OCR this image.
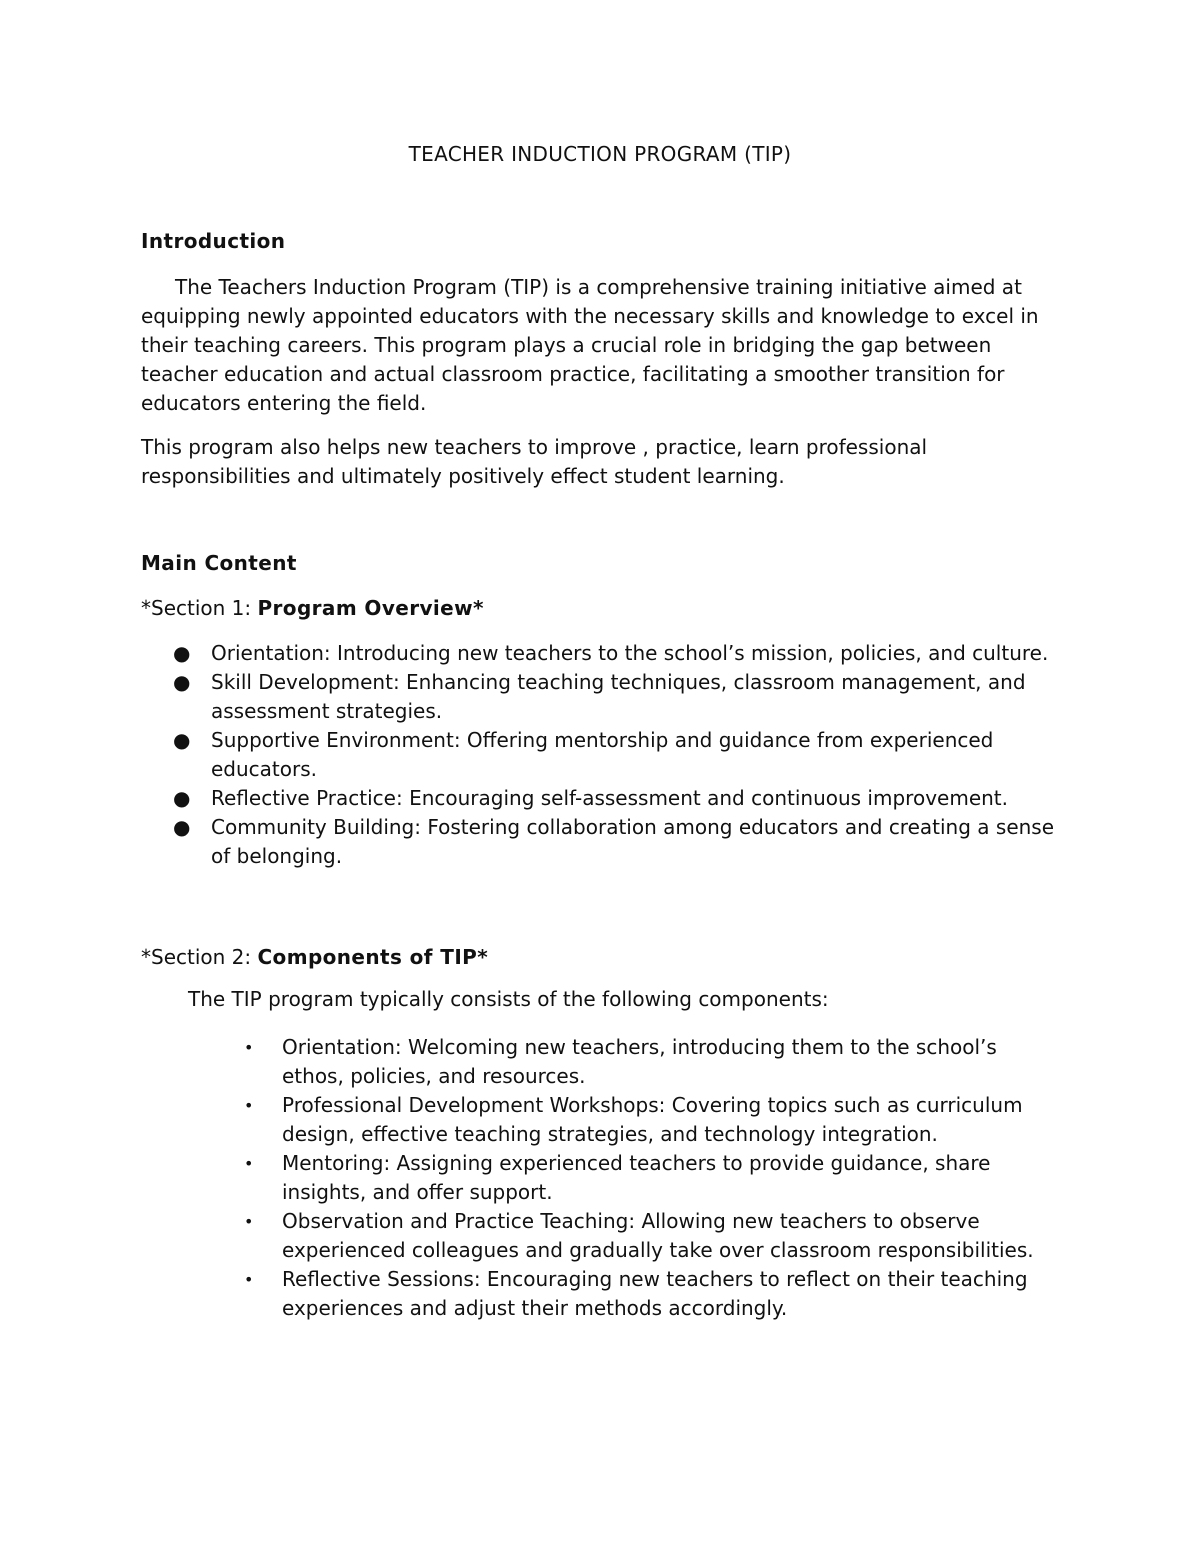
TEACHER INDUCTION PROGRAM (TIP)
Introduction

The Teachers Induction Program (TIP) is a comprehensive training initiative aimed at equipping newly appointed educators with the necessary skills and knowledge to excel in their teaching careers. This program plays a crucial role in bridging the gap between teacher education and actual classroom practice, facilitating a smoother transition for educators entering the field.

This program also helps new teachers to improve , practice, learn professional responsibilities and ultimately positively effect student learning.

Main Content
*Section 1: Program Overview*
● Orientation: Introducing new teachers to the school’s mission, policies, and culture.
● Skill Development: Enhancing teaching techniques, classroom management, and assessment strategies.
● Supportive Environment: Offering mentorship and guidance from experienced educators.
● Reflective Practice: Encouraging self-assessment and continuous improvement.
● Community Building: Fostering collaboration among educators and creating a sense of belonging.
*Section 2: Components of TIP*
The TIP program typically consists of the following components:
• Orientation: Welcoming new teachers, introducing them to the school’s ethos, policies, and resources.
• Professional Development Workshops: Covering topics such as curriculum design, effective teaching strategies, and technology integration.
• Mentoring: Assigning experienced teachers to provide guidance, share insights, and offer support.
• Observation and Practice Teaching: Allowing new teachers to observe experienced colleagues and gradually take over classroom responsibilities.
• Reflective Sessions: Encouraging new teachers to reflect on their teaching experiences and adjust their methods accordingly.
